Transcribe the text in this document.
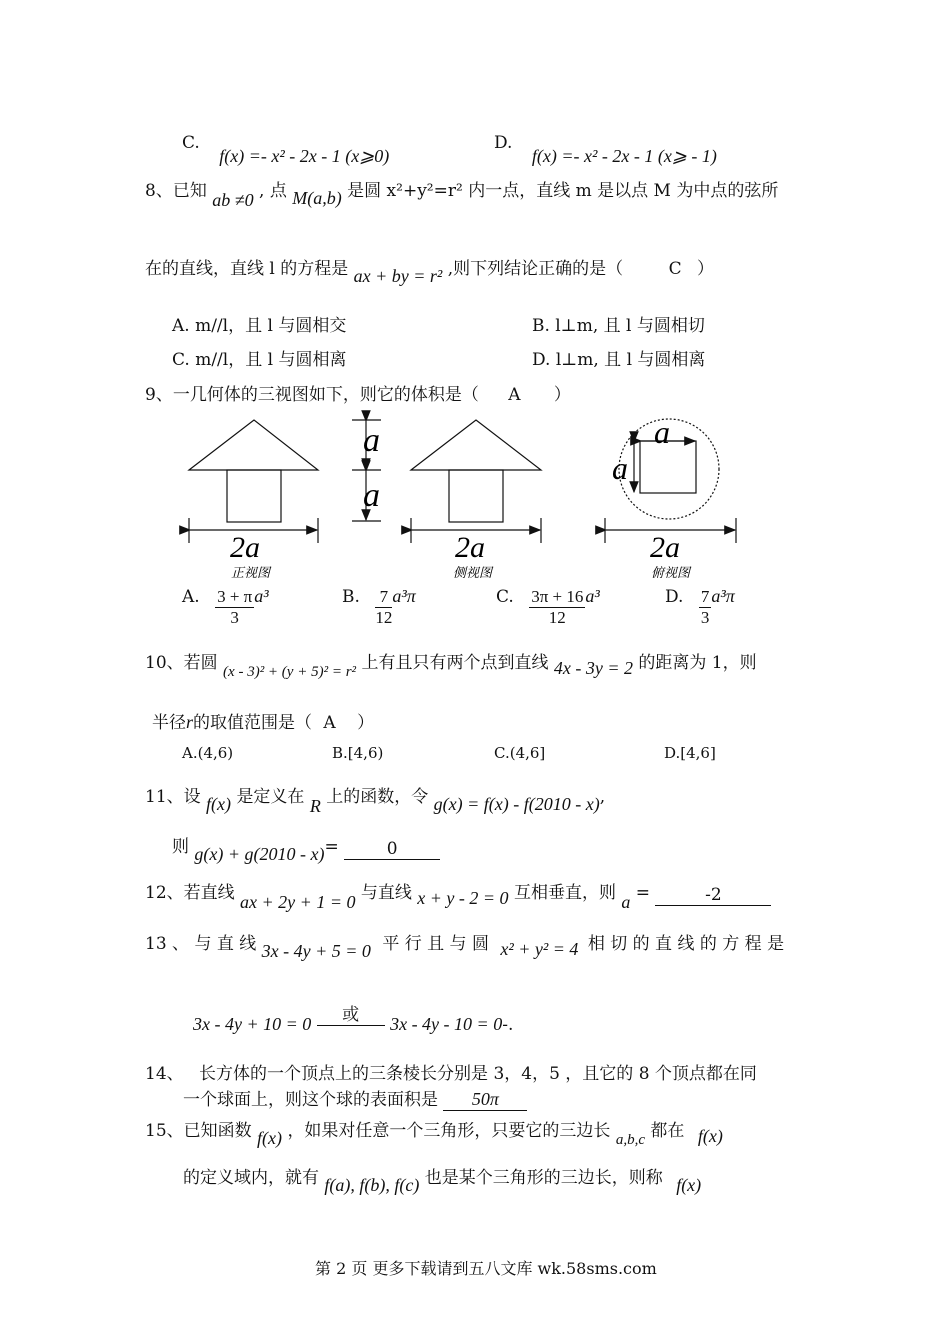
C. f(x) =- x² - 2x - 1 (x⩾0)
D. f(x) =- x² - 2x - 1 (x⩾ - 1)
8、已知 ab ≠0 , 点 M(a,b) 是圆 x²+y²=r² 内一点，直线 m 是以点 M 为中点的弦所
在的直线，直线 l 的方程是 ax + by = r² ,则下列结论正确的是（	C ）
A. m//l，且 l 与圆相交	B. l⊥m, 且 l 与圆相切
C. m//l，且 l 与圆相离	D. l⊥m, 且 l 与圆相离
9、一几何体的三视图如下，则它的体积是（ A ）
2a
正视图
a
a
2a
侧视图
a
a
2a
俯视图
A. $\frac{3 + \pi}{3} a^3$	B. $\frac{7}{12} a^3\pi$	C. $\frac{3\pi + 16}{12} a^3$	D. $\frac{7}{3} a^3\pi$
10、若圆 (x - 3)² + (y + 5)² = r² 上有且只有两个点到直线 4x - 3y = 2 的距离为 1，则
半径r的取值范围是（ A ）
A.(4,6)	B.[4,6)	C.(4,6]	D.[4,6]
11、设 f(x) 是定义在 R 上的函数，令 g(x) = f(x) - f(2010 - x),
则 g(x) + g(2010 - x)=	0
12、若直线 ax + 2y + 1 = 0 与直线 x + y - 2 = 0 互相垂直，则 a =	-2
13 、 与 直 线 3x - 4y + 5 = 0 平 行 且 与 圆 x² + y² = 4 相 切 的 直 线 的 方 程 是
3x - 4y + 10 = 0 或 3x - 4y - 10 = 0-.
14、 长方体的一个顶点上的三条棱长分别是 3，4，5 ，且它的 8 个顶点都在同
一个球面上，则这个球的表面积是 50π
15、已知函数 f(x) ，如果对任意一个三角形，只要它的三边长 a,b,c 都在 f(x)
的定义域内，就有 f(a), f(b), f(c) 也是某个三角形的三边长，则称 f(x)
第 2 页 更多下载请到五八文库 wk.58sms.com
